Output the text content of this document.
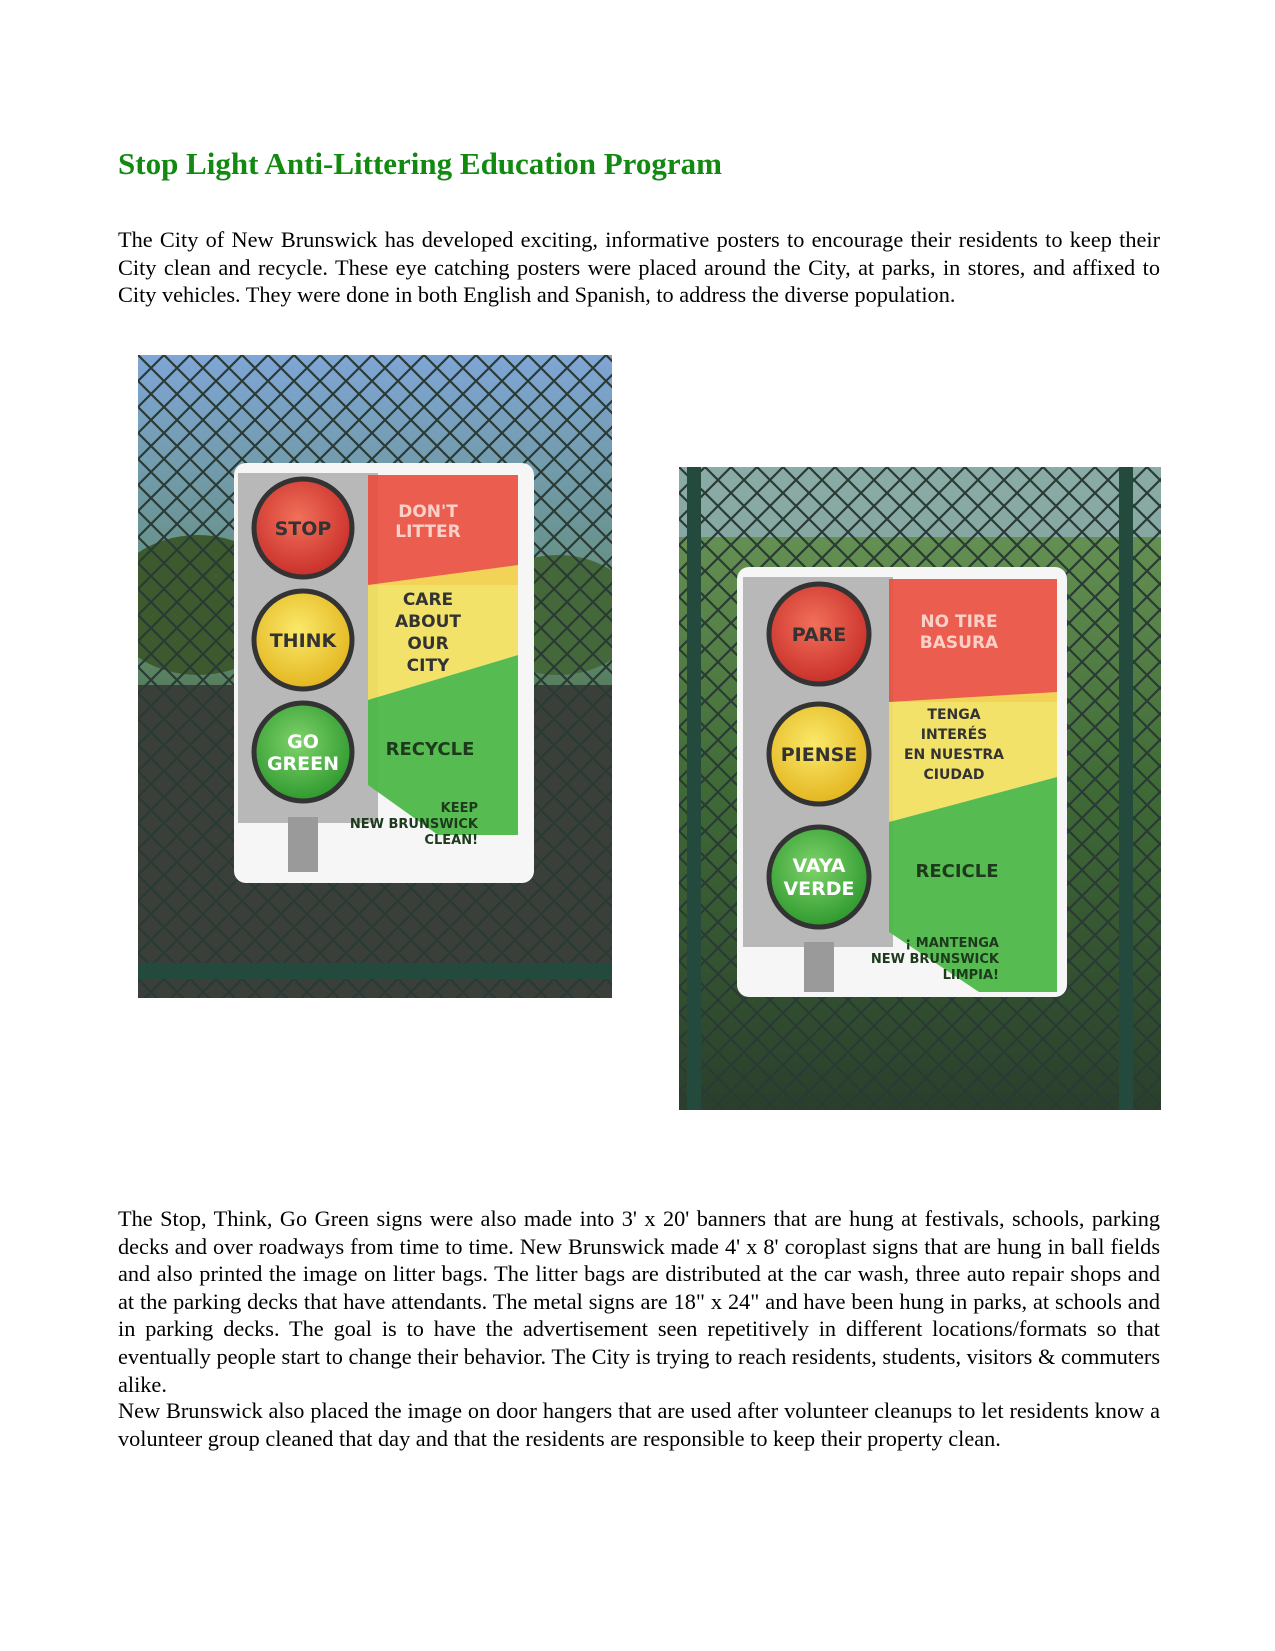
Stop Light Anti-Littering Education Program

The City of New Brunswick has developed exciting, informative posters to encourage their residents to keep their City clean and recycle. These eye catching posters were placed around the City, at parks, in stores, and affixed to City vehicles. They were done in both English and Spanish, to address the diverse population.

STOP
THINK
GO
GREEN
DON'T
LITTER
CARE
ABOUT
OUR
CITY
RECYCLE
KEEP
NEW BRUNSWICK
CLEAN!
PARE
PIENSE
VAYA
VERDE
NO TIRE
BASURA
TENGA
INTERÉS
EN NUESTRA
CIUDAD
RECICLE
¡ MANTENGA
NEW BRUNSWICK
LIMPIA!

The Stop, Think, Go Green signs were also made into 3' x 20' banners that are hung at festivals, schools, parking decks and over roadways from time to time. New Brunswick made 4' x 8' coroplast signs that are hung in ball fields and also printed the image on litter bags. The litter bags are distributed at the car wash, three auto repair shops and at the parking decks that have attendants. The metal signs are 18" x 24" and have been hung in parks, at schools and in parking decks. The goal is to have the advertisement seen repetitively in different locations/formats so that eventually people start to change their behavior. The City is trying to reach residents, students, visitors & commuters alike.

New Brunswick also placed the image on door hangers that are used after volunteer cleanups to let residents know a volunteer group cleaned that day and that the residents are responsible to keep their property clean.
